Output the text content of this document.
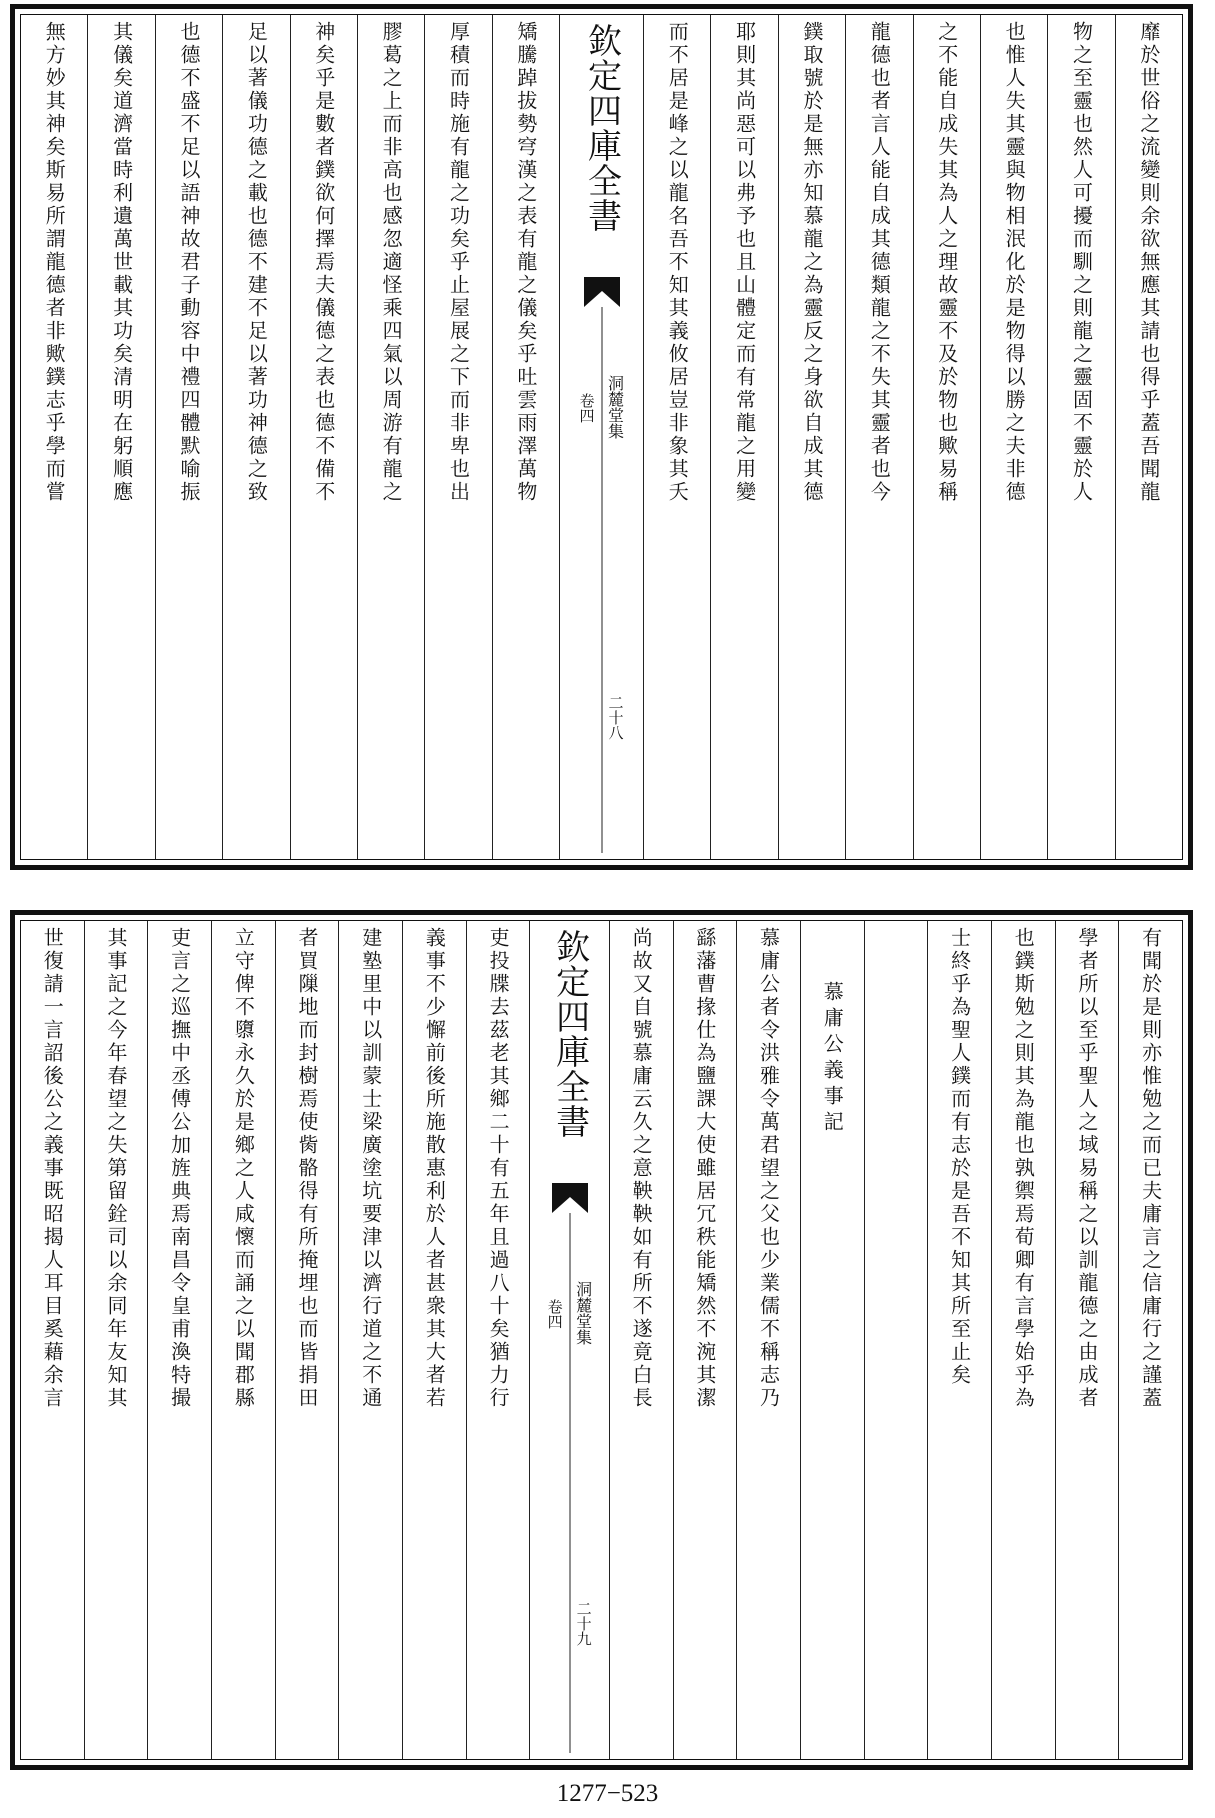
靡於世俗之流變則余欲無應其請也得乎蓋吾聞龍
物之至靈也然人可擾而馴之則龍之靈固不靈於人
也惟人失其靈與物相泯化於是物得以勝之夫非德
之不能自成失其為人之理故靈不及於物也歟易稱
龍德也者言人能自成其德類龍之不失其靈者也今
鏷取號於是無亦知慕龍之為靈反之身欲自成其德
耶則其尚惡可以弗予也且山體定而有常龍之用變
而不居是峰之以龍名吾不知其義攸居豈非象其夭
欽定四庫全書
洞麓堂集
卷四
二十八
矯騰踔拔勢穹漢之表有龍之儀矣乎吐雲雨澤萬物
厚積而時施有龍之功矣乎止屋展之下而非卑也出
膠葛之上而非高也感忽適怪乘四氣以周游有龍之
神矣乎是數者鏷欲何擇焉夫儀德之表也德不備不
足以著儀功德之載也德不建不足以著功神德之致
也德不盛不足以語神故君子動容中禮四體默喻振
其儀矣道濟當時利遺萬世載其功矣清明在躬順應
無方妙其神矣斯易所謂龍德者非歟鏷志乎學而嘗
有聞於是則亦惟勉之而已夫庸言之信庸行之謹蓋
學者所以至乎聖人之域易稱之以訓龍德之由成者
也鏷斯勉之則其為龍也孰禦焉荀卿有言學始乎為
士終乎為聖人鏷而有志於是吾不知其所至止矣
慕庸公義事記
慕庸公者令洪雅令萬君望之父也少業儒不稱志乃
繇藩曹掾仕為鹽課大使雖居冗秩能矯然不涴其潔
尚故又自號慕庸云久之意鞅鞅如有所不遂竟白長
欽定四庫全書
洞麓堂集
卷四
二十九
吏投牒去茲老其鄉二十有五年且過八十矣猶力行
義事不少懈前後所施散惠利於人者甚衆其大者若
建塾里中以訓蒙士梁廣塗坑要津以濟行道之不通
者買隟地而封樹焉使胔骼得有所掩埋也而皆捐田
立守俾不隳永久於是鄉之人咸懷而誦之以聞郡縣
吏言之巡撫中丞傅公加旌典焉南昌令皇甫渙特撮
其事記之今年春望之失第留銓司以余同年友知其
世復請一言詔後公之義事既昭揭人耳目奚藉余言
1277−523
